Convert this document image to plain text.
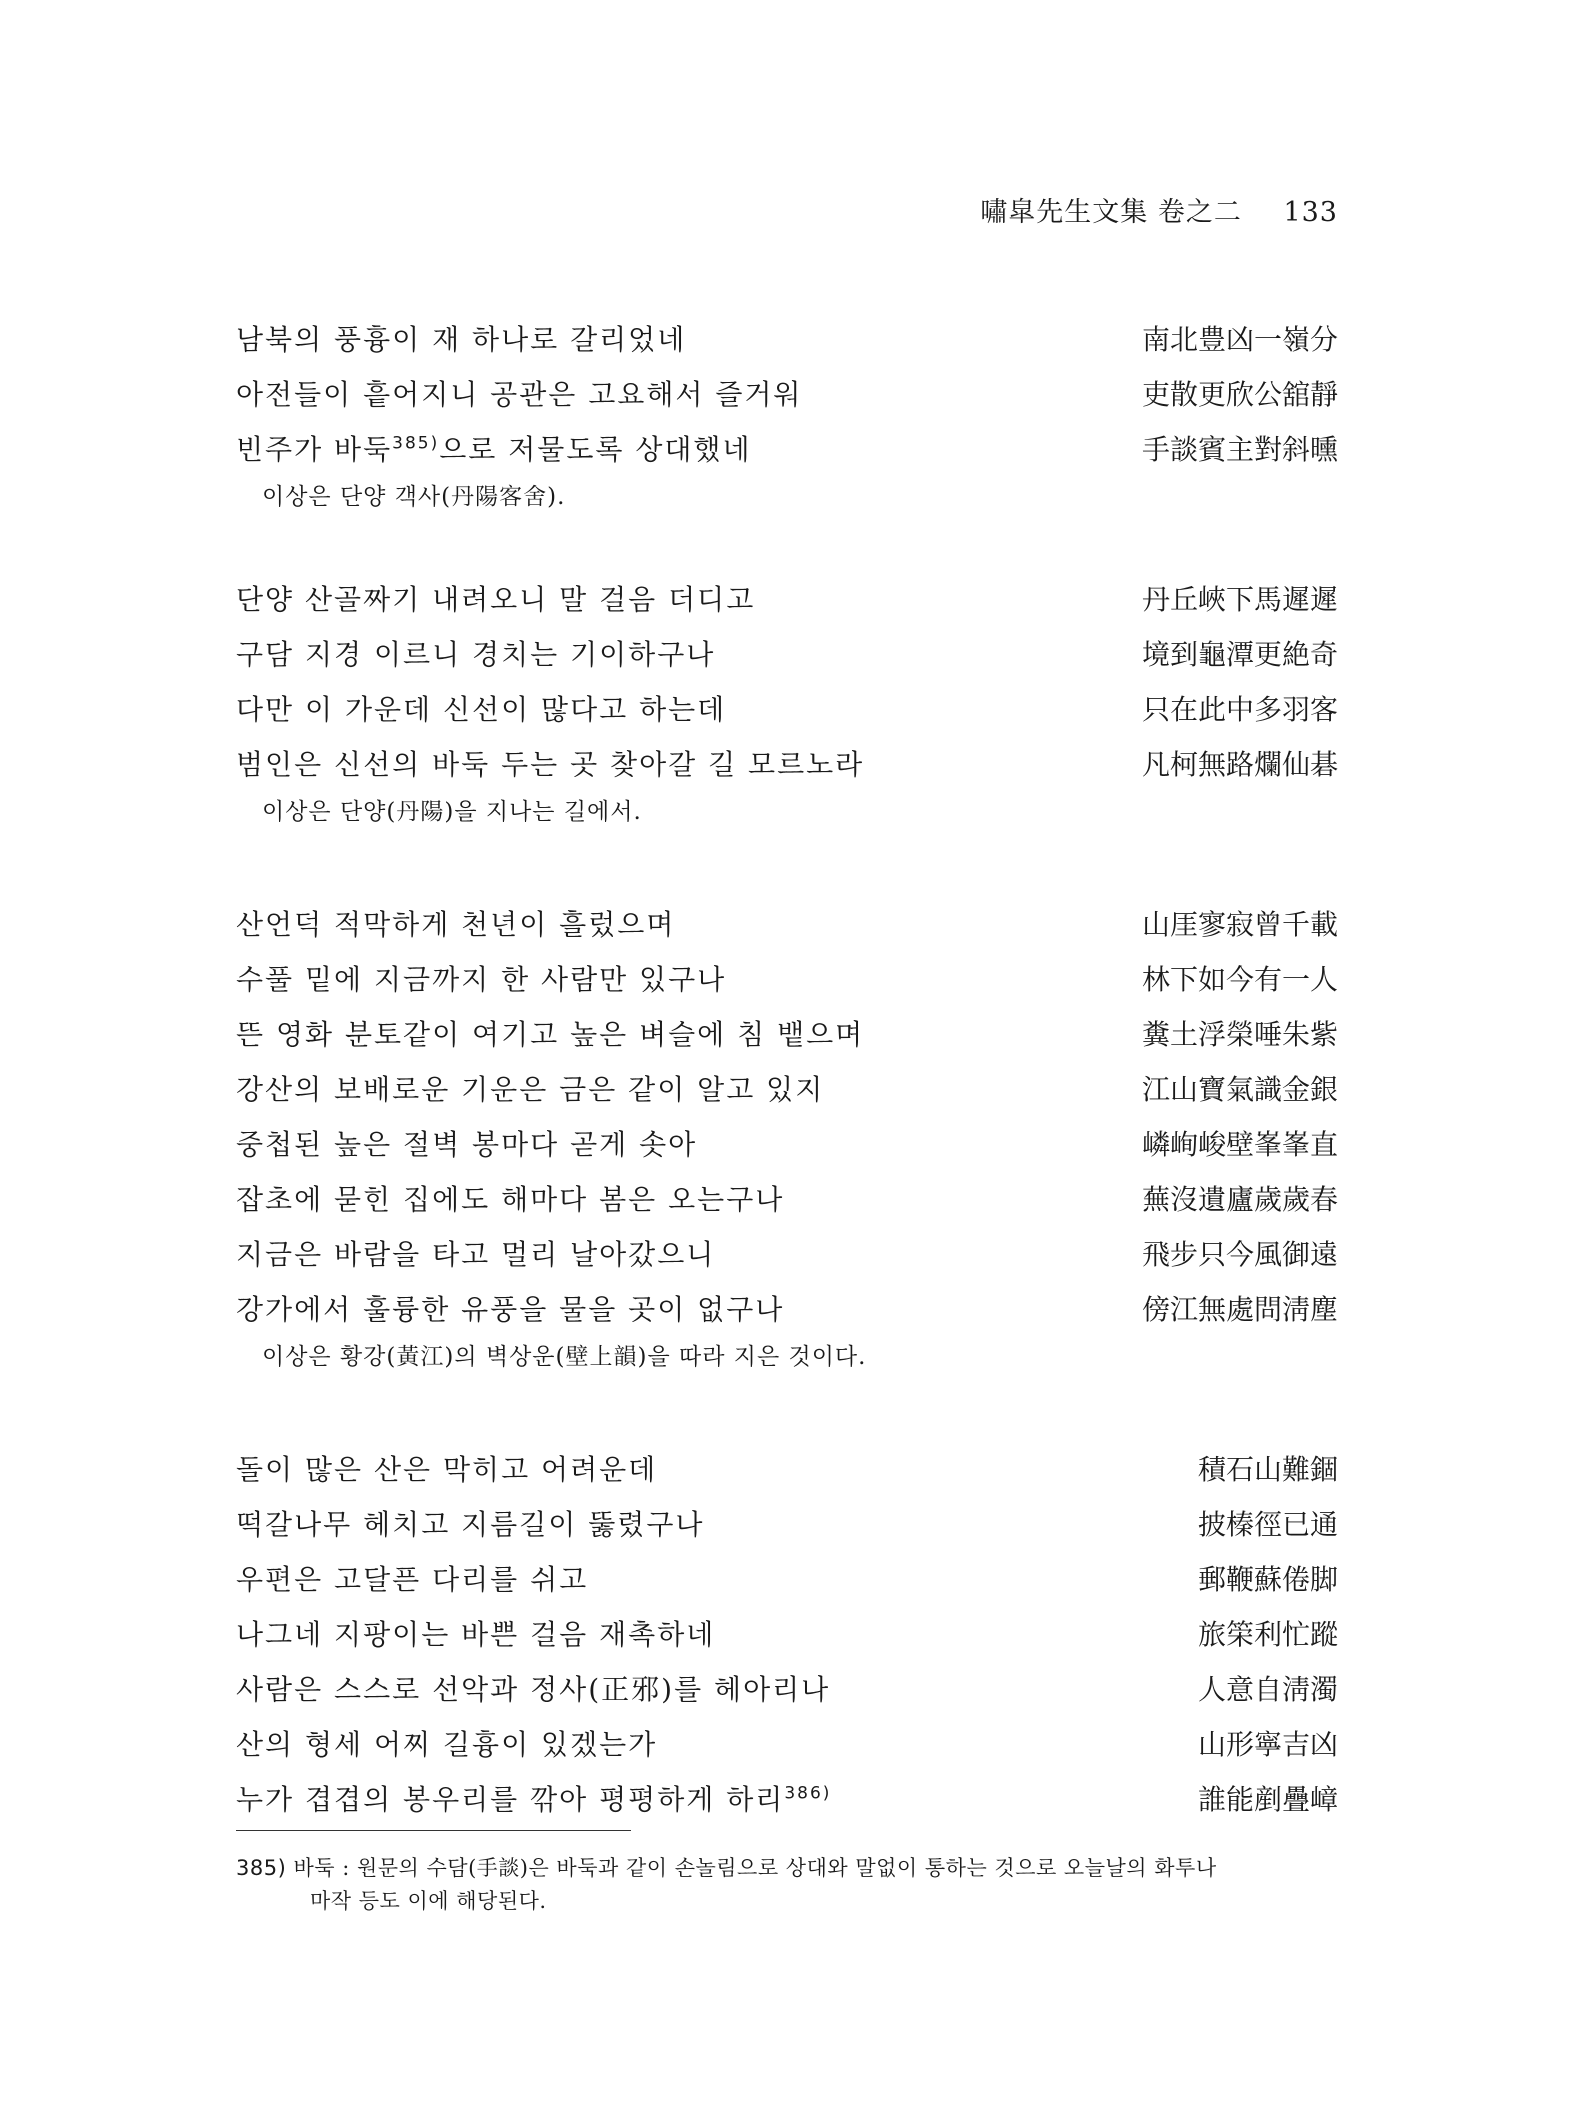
嘯皐先生文集 卷之二 133
남북의 풍흉이 재 하나로 갈리었네	南北豊凶一嶺分
아전들이 흩어지니 공관은 고요해서 즐거워	吏散更欣公舘靜
빈주가 바둑$^{385)}$으로 저물도록 상대했네	手談賓主對斜曛
이상은 단양 객사(丹陽客舍).
단양 산골짜기 내려오니 말 걸음 더디고	丹丘峽下馬遲遲
구담 지경 이르니 경치는 기이하구나	境到龜潭更絶奇
다만 이 가운데 신선이 많다고 하는데	只在此中多羽客
범인은 신선의 바둑 두는 곳 찾아갈 길 모르노라	凡柯無路爛仙碁
이상은 단양(丹陽)을 지나는 길에서.
산언덕 적막하게 천년이 흘렀으며	山厓寥寂曾千載
수풀 밑에 지금까지 한 사람만 있구나	林下如今有一人
뜬 영화 분토같이 여기고 높은 벼슬에 침 뱉으며	糞土浮榮唾朱紫
강산의 보배로운 기운은 금은 같이 알고 있지	江山寶氣識金銀
중첩된 높은 절벽 봉마다 곧게 솟아	嶙峋峻壁峯峯直
잡초에 묻힌 집에도 해마다 봄은 오는구나	蕪沒遺廬歲歲春
지금은 바람을 타고 멀리 날아갔으니	飛步只今風御遠
강가에서 훌륭한 유풍을 물을 곳이 없구나	傍江無處問淸塵
이상은 황강(黃江)의 벽상운(壁上韻)을 따라 지은 것이다.
돌이 많은 산은 막히고 어려운데	積石山難錮
떡갈나무 헤치고 지름길이 뚫렸구나	披榛徑已通
우편은 고달픈 다리를 쉬고	郵鞭蘇倦脚
나그네 지팡이는 바쁜 걸음 재촉하네	旅筞利忙蹤
사람은 스스로 선악과 정사(正邪)를 헤아리나	人意自淸濁
산의 형세 어찌 길흉이 있겠는가	山形寧吉凶
누가 겹겹의 봉우리를 깎아 평평하게 하리$^{386)}$	誰能剷疊嶂
385) 바둑 : 원문의 수담(手談)은 바둑과 같이 손놀림으로 상대와 말없이 통하는 것으로 오늘날의 화투나
마작 등도 이에 해당된다.
